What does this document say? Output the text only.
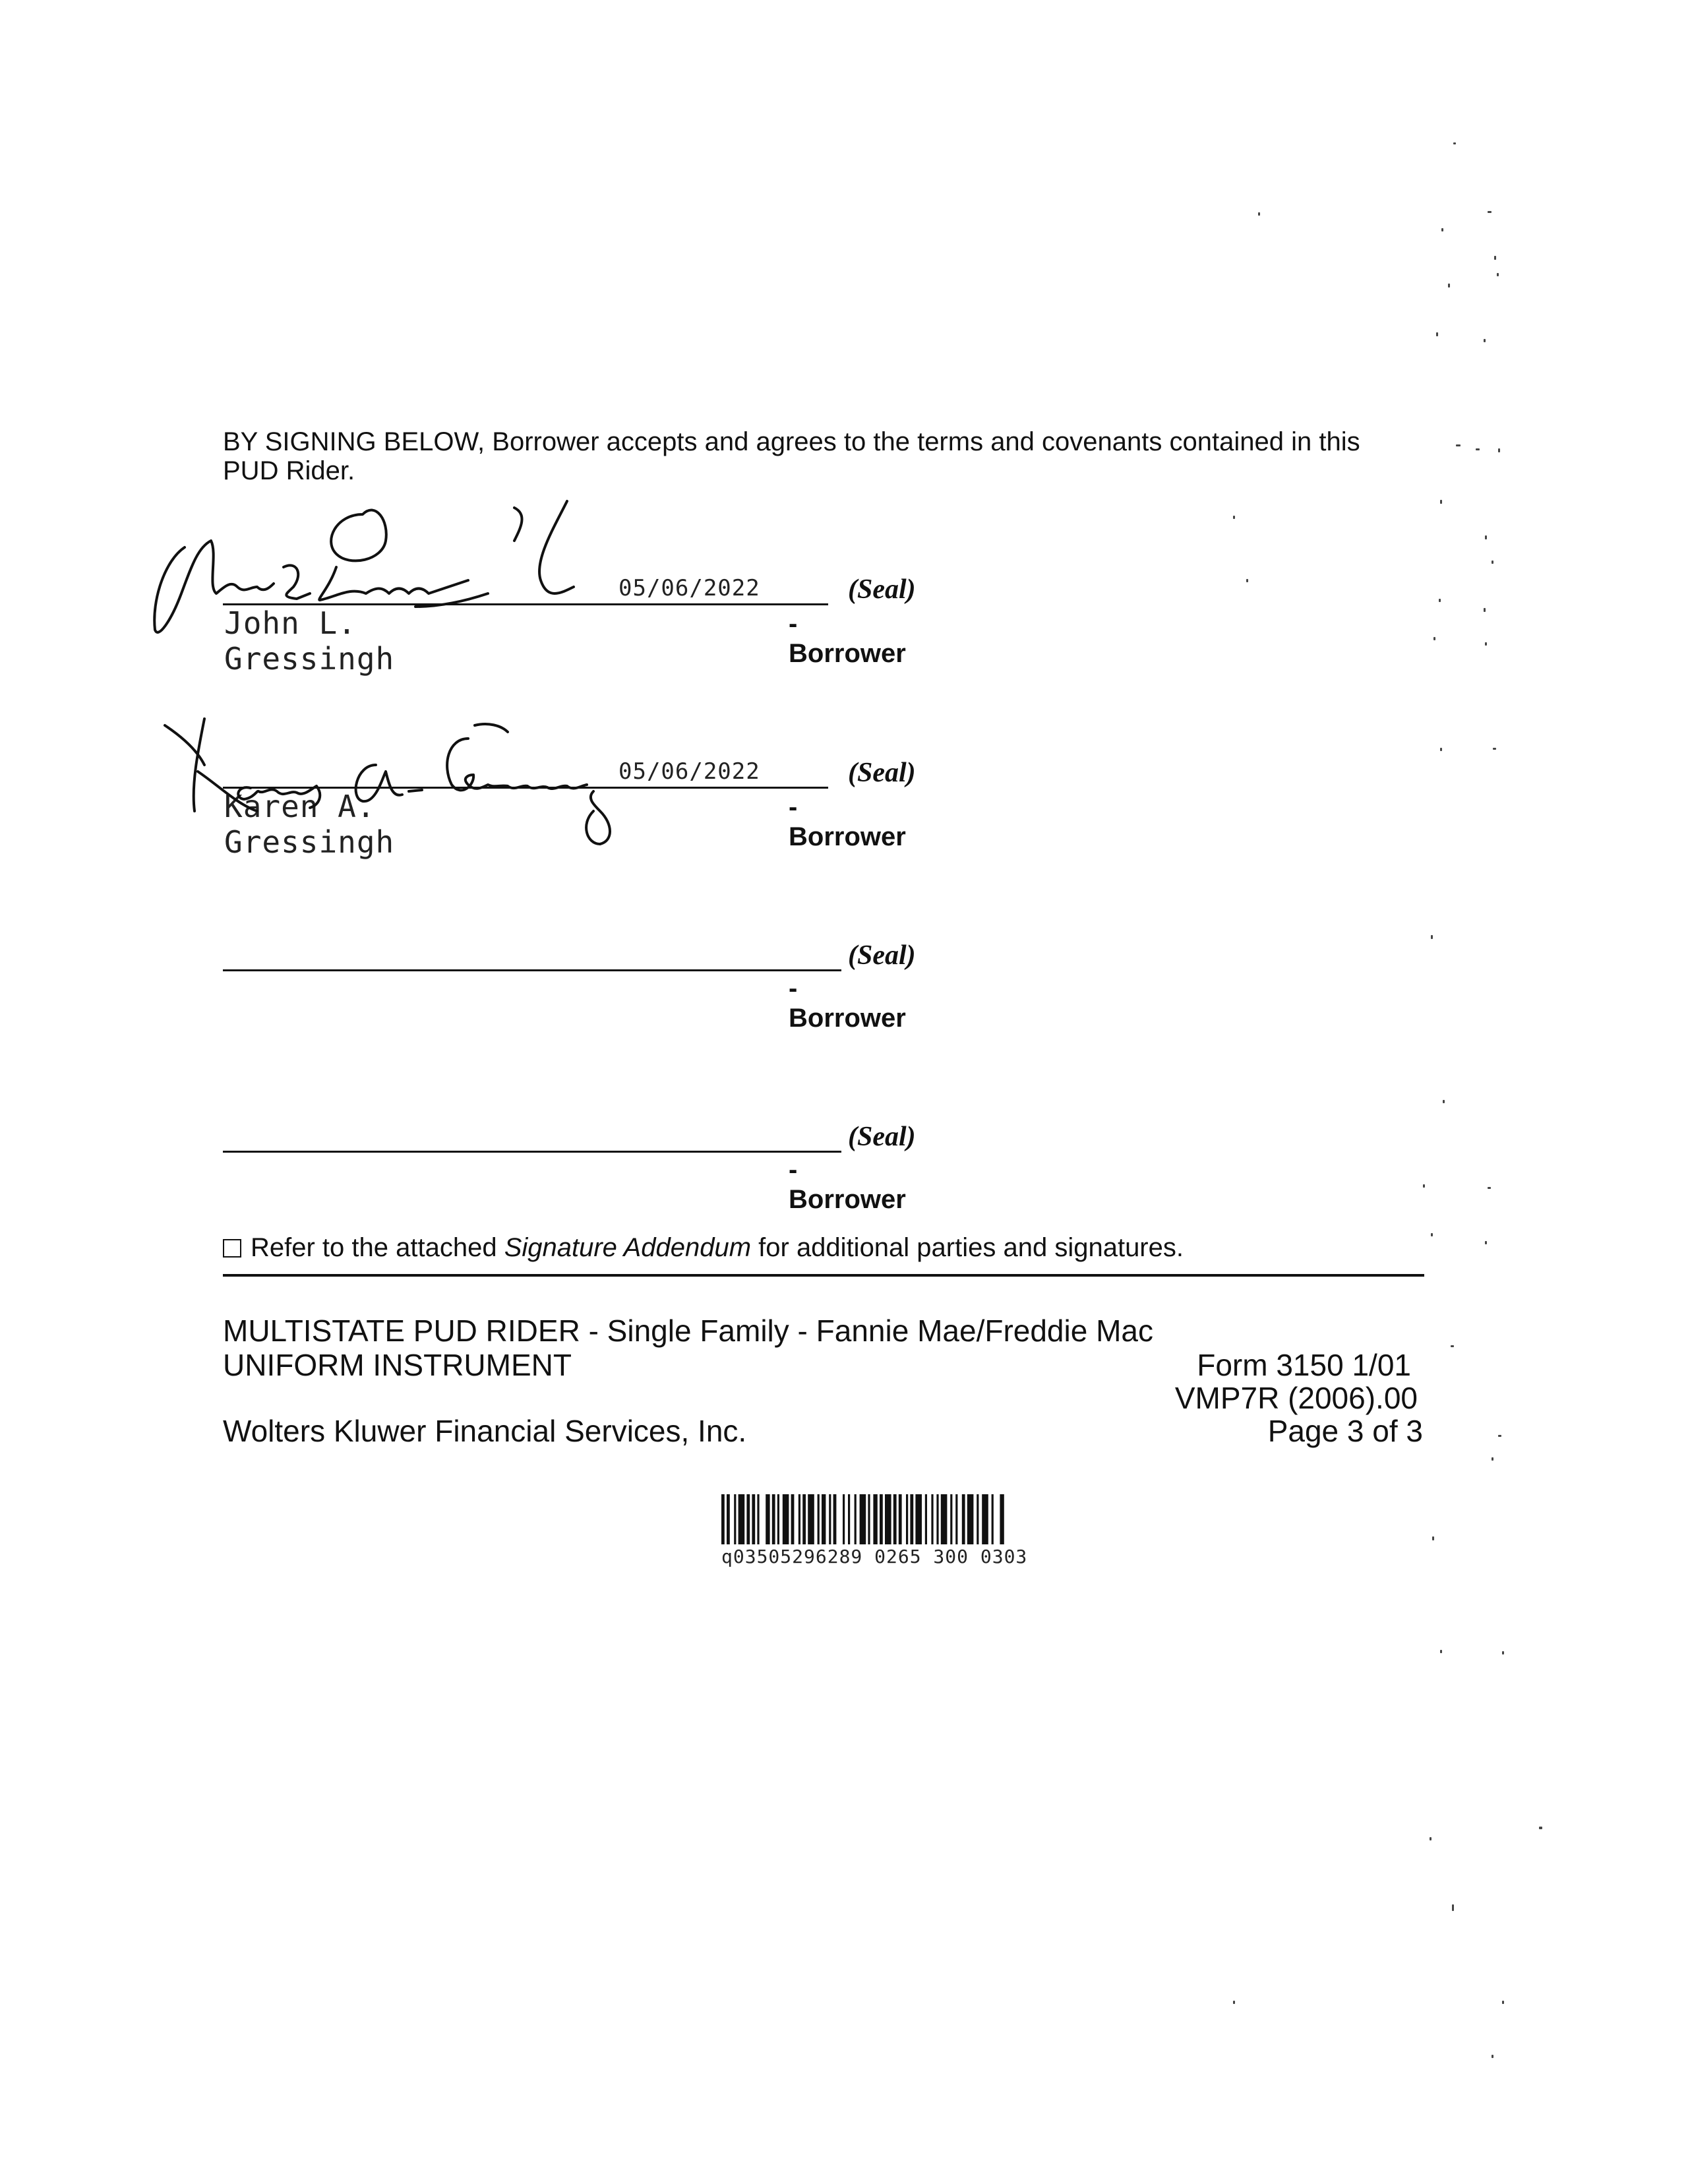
BY SIGNING BELOW, Borrower accepts and agrees to the terms and covenants contained in this PUD Rider.

05/06/2022	(Seal)
John L. Gressingh
-Borrower
05/06/2022	(Seal)
Karen A. Gressingh
-Borrower
(Seal)
-Borrower
(Seal)
-Borrower
Refer to the attached Signature Addendum for additional parties and signatures.
MULTISTATE PUD RIDER - Single Family - Fannie Mae/Freddie Mac
UNIFORM INSTRUMENT	Form 3150 1/01
VMP7R (2006).00
Wolters Kluwer Financial Services, Inc.	Page 3 of 3
q03505296289 0265 300 0303
